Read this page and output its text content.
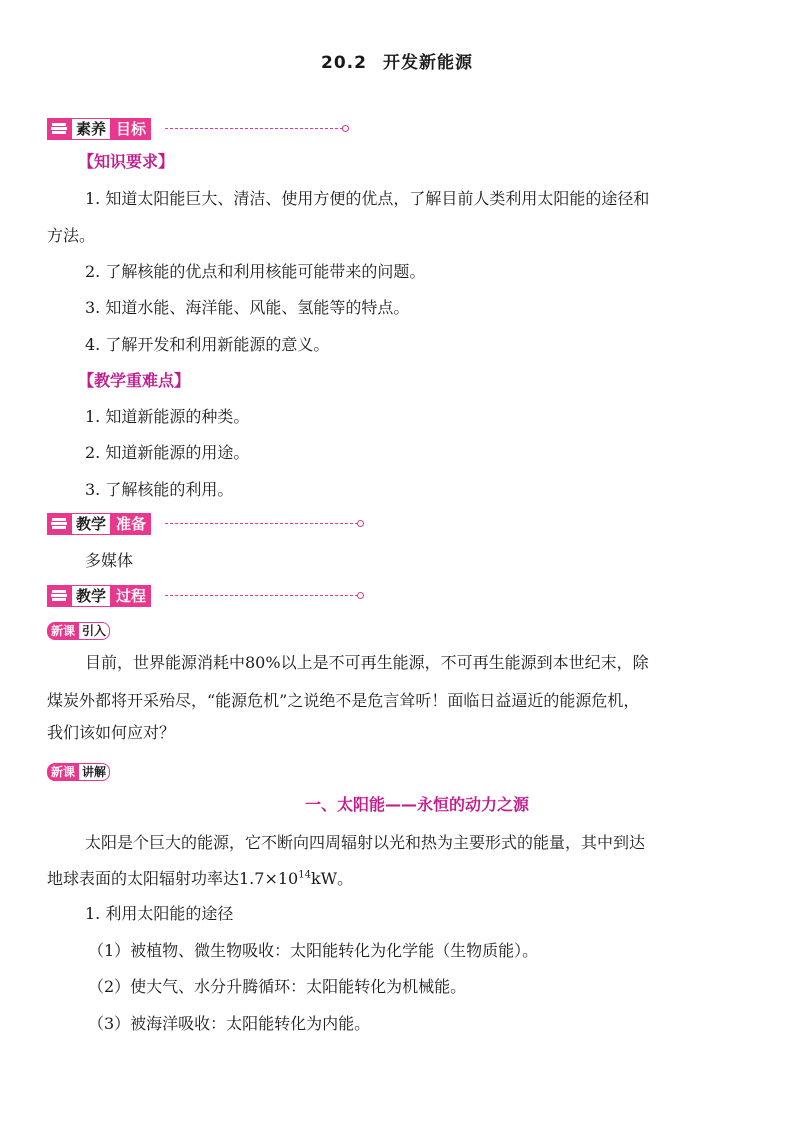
20.2 开发新能源
素养 目标
【知识要求】
1. 知道太阳能巨大、清洁、使用方便的优点，了解目前人类利用太阳能的途径和
方法。
2. 了解核能的优点和利用核能可能带来的问题。
3. 知道水能、海洋能、风能、氢能等的特点。
4. 了解开发和利用新能源的意义。
【教学重难点】
1. 知道新能源的种类。
2. 知道新能源的用途。
3. 了解核能的利用。
教学 准备
多媒体
教学 过程
新课 引入
目前，世界能源消耗中80%以上是不可再生能源，不可再生能源到本世纪末，除
煤炭外都将开采殆尽，“能源危机”之说绝不是危言耸听！面临日益逼近的能源危机，
我们该如何应对？
新课 讲解
一、太阳能——永恒的动力之源
太阳是个巨大的能源，它不断向四周辐射以光和热为主要形式的能量，其中到达
地球表面的太阳辐射功率达$1.7\times 10^{14}kW$。
1. 利用太阳能的途径
（1）被植物、微生物吸收：太阳能转化为化学能（生物质能）。
（2）使大气、水分升腾循环：太阳能转化为机械能。
（3）被海洋吸收：太阳能转化为内能。
